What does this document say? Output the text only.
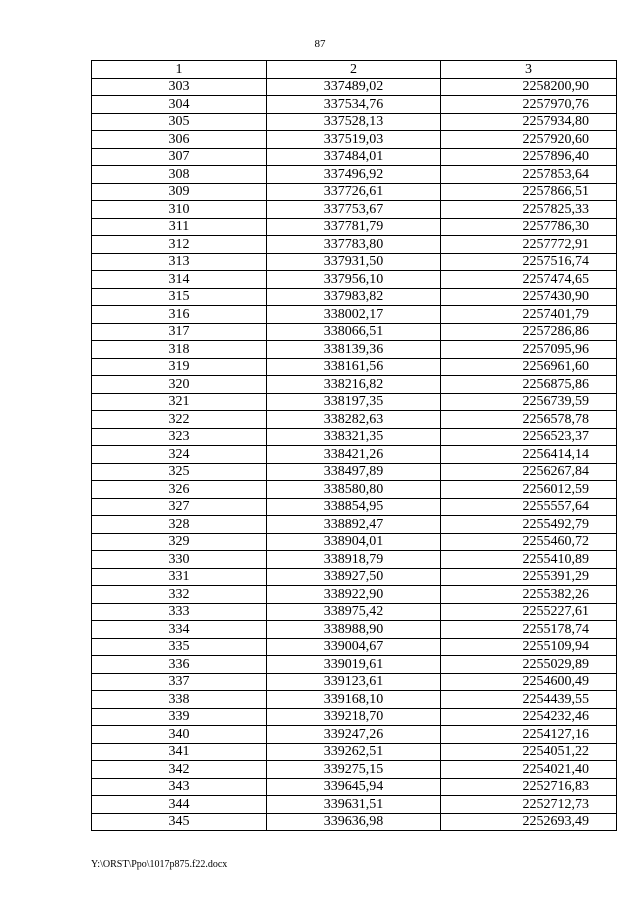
87
1	2	3
303	337489,02	2258200,90
304	337534,76	2257970,76
305	337528,13	2257934,80
306	337519,03	2257920,60
307	337484,01	2257896,40
308	337496,92	2257853,64
309	337726,61	2257866,51
310	337753,67	2257825,33
311	337781,79	2257786,30
312	337783,80	2257772,91
313	337931,50	2257516,74
314	337956,10	2257474,65
315	337983,82	2257430,90
316	338002,17	2257401,79
317	338066,51	2257286,86
318	338139,36	2257095,96
319	338161,56	2256961,60
320	338216,82	2256875,86
321	338197,35	2256739,59
322	338282,63	2256578,78
323	338321,35	2256523,37
324	338421,26	2256414,14
325	338497,89	2256267,84
326	338580,80	2256012,59
327	338854,95	2255557,64
328	338892,47	2255492,79
329	338904,01	2255460,72
330	338918,79	2255410,89
331	338927,50	2255391,29
332	338922,90	2255382,26
333	338975,42	2255227,61
334	338988,90	2255178,74
335	339004,67	2255109,94
336	339019,61	2255029,89
337	339123,61	2254600,49
338	339168,10	2254439,55
339	339218,70	2254232,46
340	339247,26	2254127,16
341	339262,51	2254051,22
342	339275,15	2254021,40
343	339645,94	2252716,83
344	339631,51	2252712,73
345	339636,98	2252693,49
Y:\ORST\Ppo\1017p875.f22.docx
